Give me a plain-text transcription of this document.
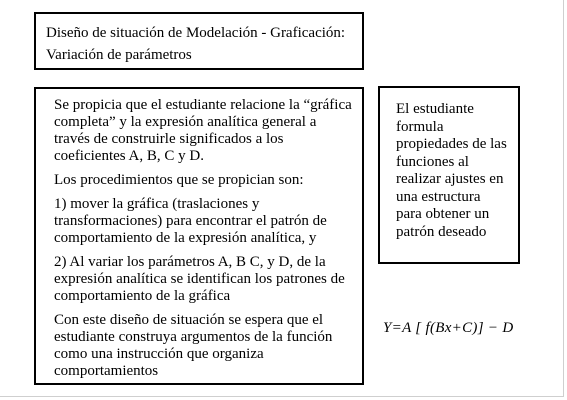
Diseño de situación de Modelación - Graficación:
Variación de parámetros

Se propicia que el estudiante relacione la “gráfica completa” y la expresión analítica general a través de construirle significados a los coeficientes A, B, C y D.

Los procedimientos que se propician son:

1) mover la gráfica (traslaciones y transformaciones) para encontrar el patrón de comportamiento de la expresión analítica, y

2) Al variar los parámetros A, B C, y D, de la expresión analítica se identifican los patrones de comportamiento de la gráfica

Con este diseño de situación se espera que el estudiante construya argumentos de la función como una instrucción que organiza comportamientos

El estudiante formula propiedades de las funciones al realizar ajustes en una estructura para obtener un patrón deseado
Y=A [ f(Bx+C)] − D
